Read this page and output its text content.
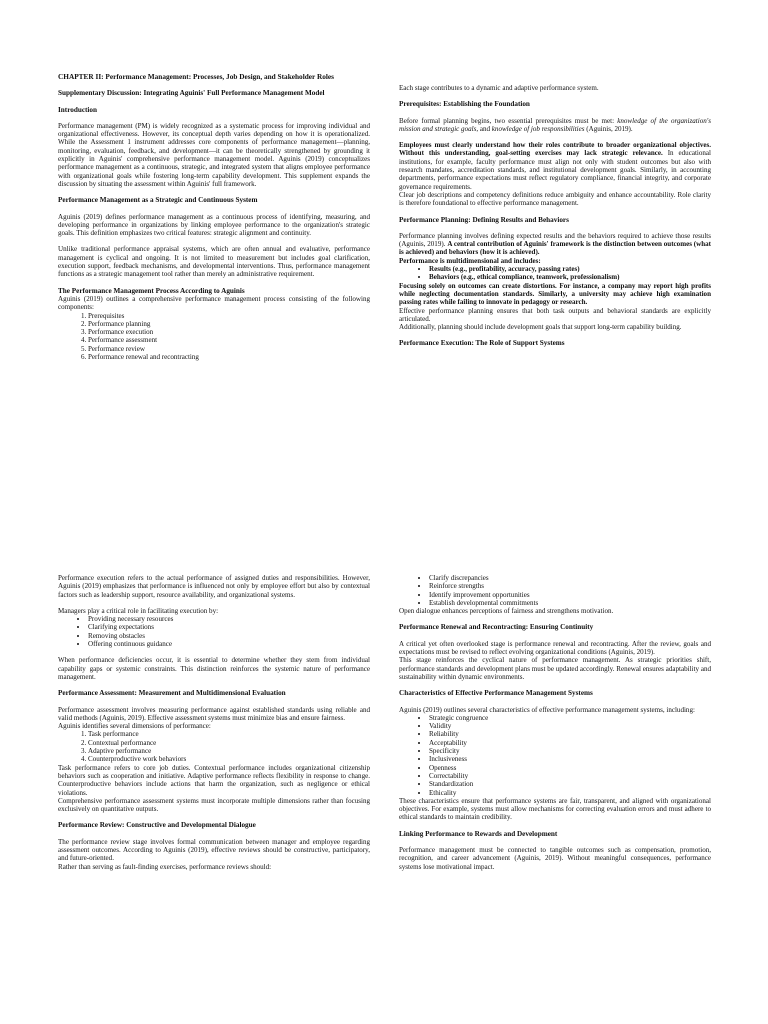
CHAPTER II: Performance Management: Processes, Job Design, and Stakeholder Roles
Supplementary Discussion: Integrating Aguinis' Full Performance Management Model
Introduction

Performance management (PM) is widely recognized as a systematic process for improving individual and organizational effectiveness. However, its conceptual depth varies depending on how it is operationalized. While the Assessment 1 instrument addresses core components of performance management—planning, monitoring, evaluation, feedback, and development—it can be theoretically strengthened by grounding it explicitly in Aguinis' comprehensive performance management model. Aguinis (2019) conceptualizes performance management as a continuous, strategic, and integrated system that aligns employee performance with organizational goals while fostering long-term capability development. This supplement expands the discussion by situating the assessment within Aguinis' full framework.

Performance Management as a Strategic and Continuous System

Aguinis (2019) defines performance management as a continuous process of identifying, measuring, and developing performance in organizations by linking employee performance to the organization's strategic goals. This definition emphasizes two critical features: strategic alignment and continuity.

Unlike traditional performance appraisal systems, which are often annual and evaluative, performance management is cyclical and ongoing. It is not limited to measurement but includes goal clarification, execution support, feedback mechanisms, and developmental interventions. Thus, performance management functions as a strategic management tool rather than merely an administrative requirement.

The Performance Management Process According to Aguinis

Aguinis (2019) outlines a comprehensive performance management process consisting of the following components:

1. Prerequisites
2. Performance planning
3. Performance execution
4. Performance assessment
5. Performance review
6. Performance renewal and recontracting

Each stage contributes to a dynamic and adaptive performance system.

Prerequisites: Establishing the Foundation

Before formal planning begins, two essential prerequisites must be met: knowledge of the organization's mission and strategic goals, and knowledge of job responsibilities (Aguinis, 2019).

Employees must clearly understand how their roles contribute to broader organizational objectives. Without this understanding, goal-setting exercises may lack strategic relevance. In educational institutions, for example, faculty performance must align not only with student outcomes but also with research mandates, accreditation standards, and institutional development goals. Similarly, in accounting departments, performance expectations must reflect regulatory compliance, financial integrity, and corporate governance requirements.

Clear job descriptions and competency definitions reduce ambiguity and enhance accountability. Role clarity is therefore foundational to effective performance management.

Performance Planning: Defining Results and Behaviors

Performance planning involves defining expected results and the behaviors required to achieve those results (Aguinis, 2019). A central contribution of Aguinis' framework is the distinction between outcomes (what is achieved) and behaviors (how it is achieved).

Performance is multidimensional and includes:

• Results (e.g., profitability, accuracy, passing rates)
• Behaviors (e.g., ethical compliance, teamwork, professionalism)

Focusing solely on outcomes can create distortions. For instance, a company may report high profits while neglecting documentation standards. Similarly, a university may achieve high examination passing rates while failing to innovate in pedagogy or research.

Effective performance planning ensures that both task outputs and behavioral standards are explicitly articulated.

Additionally, planning should include development goals that support long-term capability building.

Performance Execution: The Role of Support Systems

Performance execution refers to the actual performance of assigned duties and responsibilities. However, Aguinis (2019) emphasizes that performance is influenced not only by employee effort but also by contextual factors such as leadership support, resource availability, and organizational systems.

Managers play a critical role in facilitating execution by:

• Providing necessary resources
• Clarifying expectations
• Removing obstacles
• Offering continuous guidance

When performance deficiencies occur, it is essential to determine whether they stem from individual capability gaps or systemic constraints. This distinction reinforces the systemic nature of performance management.

Performance Assessment: Measurement and Multidimensional Evaluation

Performance assessment involves measuring performance against established standards using reliable and valid methods (Aguinis, 2019). Effective assessment systems must minimize bias and ensure fairness.

Aguinis identifies several dimensions of performance:

1. Task performance
2. Contextual performance
3. Adaptive performance
4. Counterproductive work behaviors

Task performance refers to core job duties. Contextual performance includes organizational citizenship behaviors such as cooperation and initiative. Adaptive performance reflects flexibility in response to change. Counterproductive behaviors include actions that harm the organization, such as negligence or ethical violations.

Comprehensive performance assessment systems must incorporate multiple dimensions rather than focusing exclusively on quantitative outputs.

Performance Review: Constructive and Developmental Dialogue

The performance review stage involves formal communication between manager and employee regarding assessment outcomes. According to Aguinis (2019), effective reviews should be constructive, participatory, and future-oriented.

Rather than serving as fault-finding exercises, performance reviews should:

• Clarify discrepancies
• Reinforce strengths
• Identify improvement opportunities
• Establish developmental commitments

Open dialogue enhances perceptions of fairness and strengthens motivation.

Performance Renewal and Recontracting: Ensuring Continuity

A critical yet often overlooked stage is performance renewal and recontracting. After the review, goals and expectations must be revised to reflect evolving organizational conditions (Aguinis, 2019).

This stage reinforces the cyclical nature of performance management. As strategic priorities shift, performance standards and development plans must be updated accordingly. Renewal ensures adaptability and sustainability within dynamic environments.

Characteristics of Effective Performance Management Systems

Aguinis (2019) outlines several characteristics of effective performance management systems, including:

• Strategic congruence
• Validity
• Reliability
• Acceptability
• Specificity
• Inclusiveness
• Openness
• Correctability
• Standardization
• Ethicality

These characteristics ensure that performance systems are fair, transparent, and aligned with organizational objectives. For example, systems must allow mechanisms for correcting evaluation errors and must adhere to ethical standards to maintain credibility.

Linking Performance to Rewards and Development

Performance management must be connected to tangible outcomes such as compensation, promotion, recognition, and career advancement (Aguinis, 2019). Without meaningful consequences, performance systems lose motivational impact.
